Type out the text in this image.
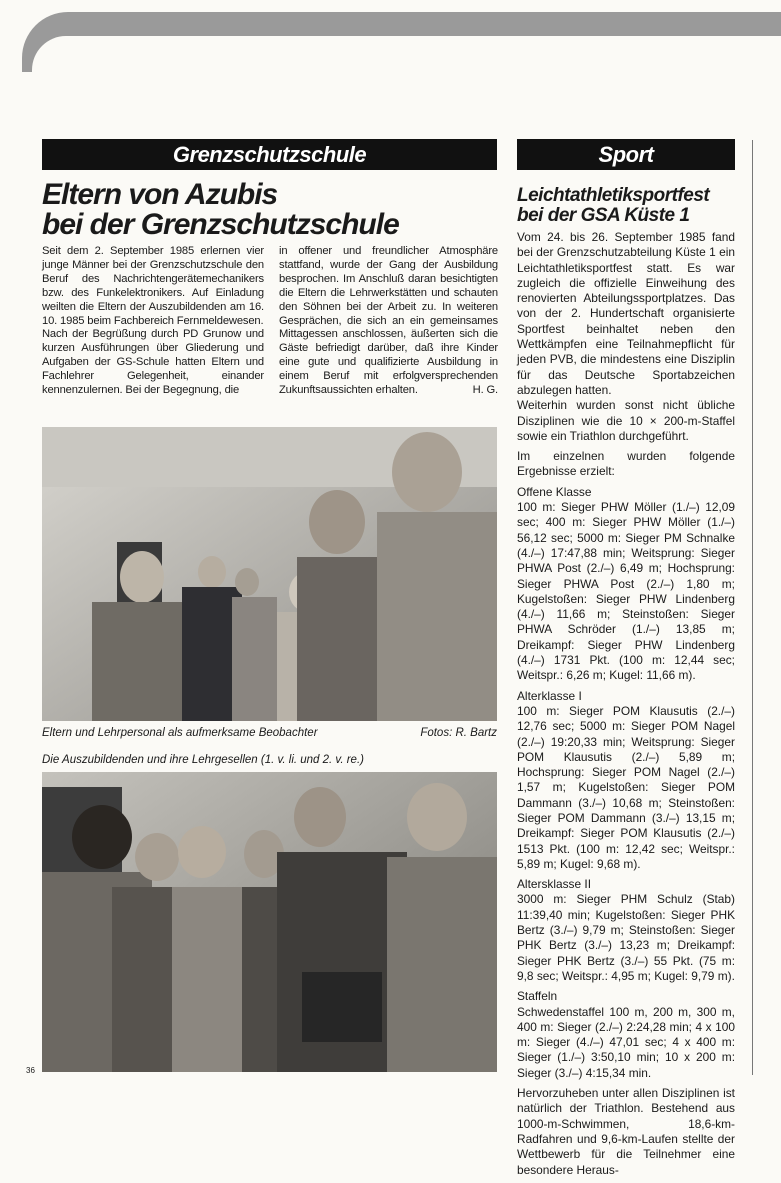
Grenzschutzschule	Sport
Eltern von Azubis
bei der Grenzschutzschule

Seit dem 2. September 1985 erlernen vier junge Männer bei der Grenzschutzschule den Beruf des Nachrichtengerätemechanikers bzw. des Funkelektronikers. Auf Einladung weilten die Eltern der Auszubildenden am 16. 10. 1985 beim Fachbereich Fernmeldewesen.

Nach der Begrüßung durch PD Grunow und kurzen Ausführungen über Gliederung und Aufgaben der GS-Schule hatten Eltern und Fachlehrer Gelegenheit, einander kennenzulernen. Bei der Begegnung, die

in offener und freundlicher Atmosphäre stattfand, wurde der Gang der Ausbildung besprochen. Im Anschluß daran besichtigten die Eltern die Lehrwerkstätten und schauten den Söhnen bei der Arbeit zu. In weiteren Gesprächen, die sich an ein gemeinsames Mittagessen anschlossen, äußerten sich die Gäste befriedigt darüber, daß ihre Kinder eine gute und qualifizierte Ausbildung in einem Beruf mit erfolgversprechenden Zukunftsaussichten erhalten.	H. G.

Eltern und Lehrpersonal als aufmerksame Beobachter	Fotos: R. Bartz
Die Auszubildenden und ihre Lehrgesellen (1. v. li. und 2. v. re.)
Leichtathletiksportfest
bei der GSA Küste 1

Vom 24. bis 26. September 1985 fand bei der Grenzschutzabteilung Küste 1 ein Leichtathletiksportfest statt. Es war zugleich die offizielle Einweihung des renovierten Abteilungssportplatzes. Das von der 2. Hundertschaft organisierte Sportfest beinhaltet neben den Wettkämpfen eine Teilnahmepflicht für jeden PVB, die mindestens eine Disziplin für das Deutsche Sportabzeichen abzulegen hatten.

Weiterhin wurden sonst nicht übliche Disziplinen wie die 10 × 200-m-Staffel sowie ein Triathlon durchgeführt.

Im einzelnen wurden folgende Ergebnisse erzielt:

Offene Klasse
100 m: Sieger PHW Möller (1./–) 12,09 sec; 400 m: Sieger PHW Möller (1./–) 56,12 sec; 5000 m: Sieger PM Schnalke (4./–) 17:47,88 min; Weitsprung: Sieger PHWA Post (2./–) 6,49 m; Hochsprung: Sieger PHWA Post (2./–) 1,80 m; Kugelstoßen: Sieger PHW Lindenberg (4./–) 11,66 m; Steinstoßen: Sieger PHWA Schröder (1./–) 13,85 m; Dreikampf: Sieger PHW Lindenberg (4./–) 1731 Pkt. (100 m: 12,44 sec; Weitspr.: 6,26 m; Kugel: 11,66 m).

Alterklasse I
100 m: Sieger POM Klausutis (2./–) 12,76 sec; 5000 m: Sieger POM Nagel (2./–) 19:20,33 min; Weitsprung: Sieger POM Klausutis (2./–) 5,89 m; Hochsprung: Sieger POM Nagel (2./–) 1,57 m; Kugelstoßen: Sieger POM Dammann (3./–) 10,68 m; Steinstoßen: Sieger POM Dammann (3./–) 13,15 m; Dreikampf: Sieger POM Klausutis (2./–) 1513 Pkt. (100 m: 12,42 sec; Weitspr.: 5,89 m; Kugel: 9,68 m).

Altersklasse II
3000 m: Sieger PHM Schulz (Stab) 11:39,40 min; Kugelstoßen: Sieger PHK Bertz (3./–) 9,79 m; Steinstoßen: Sieger PHK Bertz (3./–) 13,23 m; Dreikampf: Sieger PHK Bertz (3./–) 55 Pkt. (75 m: 9,8 sec; Weitspr.: 4,95 m; Kugel: 9,79 m).

Staffeln
Schwedenstaffel 100 m, 200 m, 300 m, 400 m: Sieger (2./–) 2:24,28 min; 4 x 100 m: Sieger (4./–) 47,01 sec; 4 x 400 m: Sieger (1./–) 3:50,10 min; 10 x 200 m: Sieger (3./–) 4:15,34 min.

Hervorzuheben unter allen Disziplinen ist natürlich der Triathlon. Bestehend aus 1000-m-Schwimmen, 18,6-km-Radfahren und 9,6-km-Laufen stellte der Wettbewerb für die Teilnehmer eine besondere Heraus-

36
